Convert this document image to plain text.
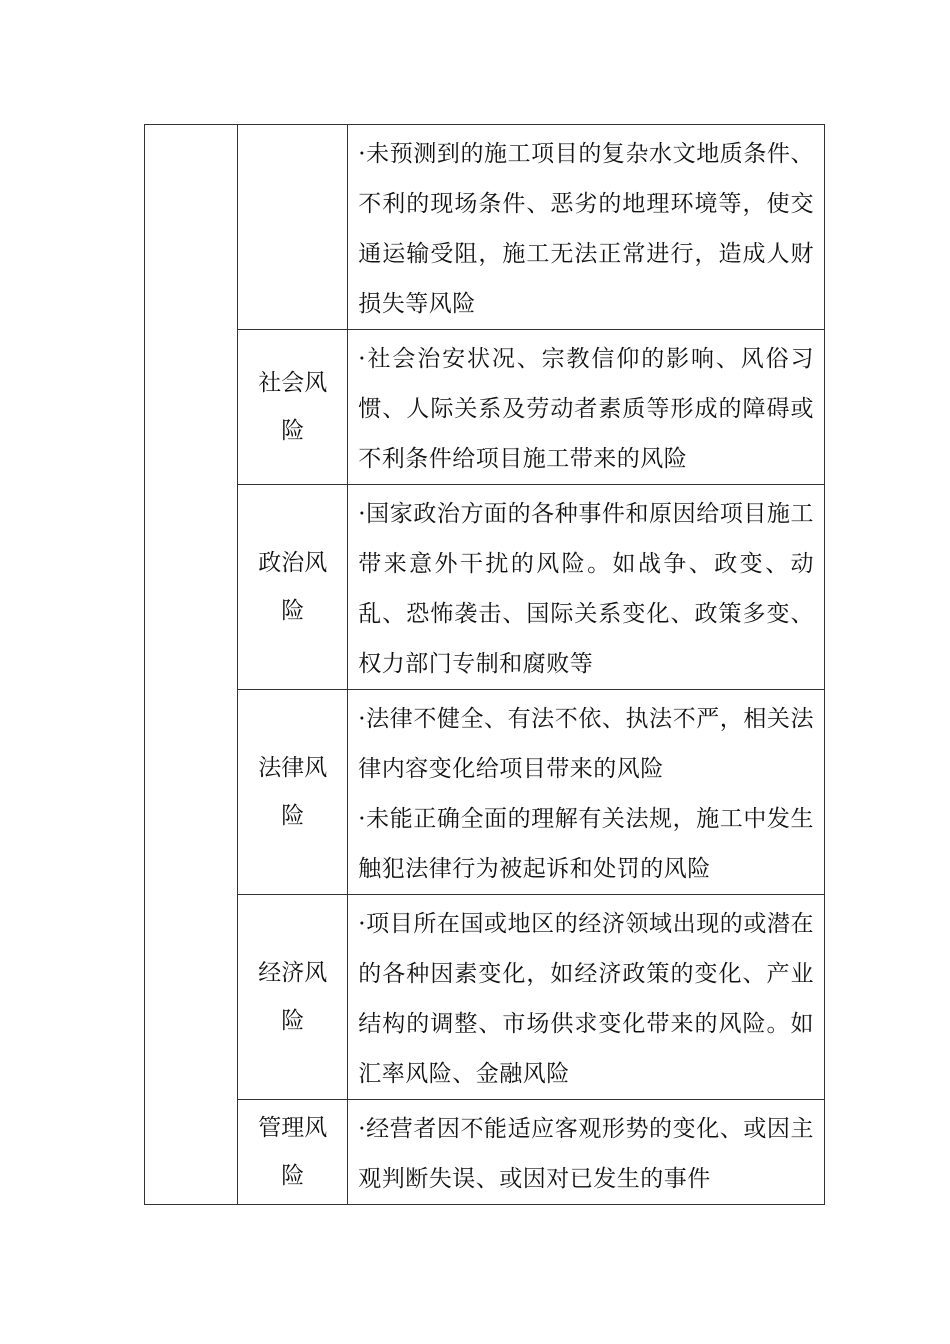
		·未预测到的施工项目的复杂水文地质条件、不利的现场条件、恶劣的地理环境等，使交通运输受阻，施工无法正常进行，造成人财损失等风险

	社会风险	·社会治安状况、宗教信仰的影响、风俗习惯、人际关系及劳动者素质等形成的障碍或不利条件给项目施工带来的风险

	政治风险	·国家政治方面的各种事件和原因给项目施工带来意外干扰的风险。如战争、政变、动乱、恐怖袭击、国际关系变化、政策多变、权力部门专制和腐败等

	法律风险	·法律不健全、有法不依、执法不严，相关法律内容变化给项目带来的风险
·未能正确全面的理解有关法规，施工中发生触犯法律行为被起诉和处罚的风险

	经济风险	·项目所在国或地区的经济领域出现的或潜在的各种因素变化，如经济政策的变化、产业结构的调整、市场供求变化带来的风险。如汇率风险、金融风险

	管理风险	·经营者因不能适应客观形势的变化、或因主观判断失误、或因对已发生的事件
